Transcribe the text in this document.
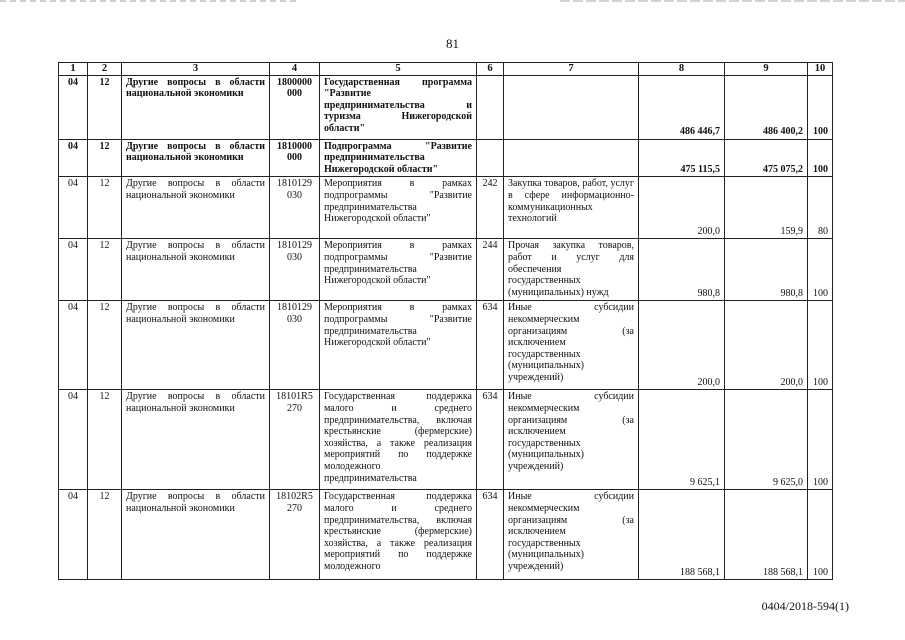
81
1	2	3	4	5	6	7	8	9	10
04	12	Другие вопросы в области национальной экономики	1800000 000	Государственная программа "Развитие предпринимательства и туризма Нижегородской области"			486 446,7	486 400,2	100
04	12	Другие вопросы в области национальной экономики	1810000 000	Подпрограмма "Развитие предпринимательства Нижегородской области"			475 115,5	475 075,2	100
04	12	Другие вопросы в области национальной экономики	1810129 030	Мероприятия в рамках подпрограммы "Развитие предпринимательства Нижегородской области"	242	Закупка товаров, работ, услуг в сфере информационно-коммуникационных технологий	200,0	159,9	80
04	12	Другие вопросы в области национальной экономики	1810129 030	Мероприятия в рамках подпрограммы "Развитие предпринимательства Нижегородской области"	244	Прочая закупка товаров, работ и услуг для обеспечения государственных (муниципальных) нужд	980,8	980,8	100
04	12	Другие вопросы в области национальной экономики	1810129 030	Мероприятия в рамках подпрограммы "Развитие предпринимательства Нижегородской области"	634	Иные субсидии некоммерческим организациям (за исключением государственных (муниципальных) учреждений)	200,0	200,0	100
04	12	Другие вопросы в области национальной экономики	18101R5 270	Государственная поддержка малого и среднего предпринимательства, включая крестьянские (фермерские) хозяйства, а также реализация мероприятий по поддержке молодежного предпринимательства	634	Иные субсидии некоммерческим организациям (за исключением государственных (муниципальных) учреждений)	9 625,1	9 625,0	100
04	12	Другие вопросы в области национальной экономики	18102R5 270	Государственная поддержка малого и среднего предпринимательства, включая крестьянские (фермерские) хозяйства, а также реализация мероприятий по поддержке молодежного	634	Иные субсидии некоммерческим организациям (за исключением государственных (муниципальных) учреждений)	188 568,1	188 568,1	100
0404/2018-594(1)
